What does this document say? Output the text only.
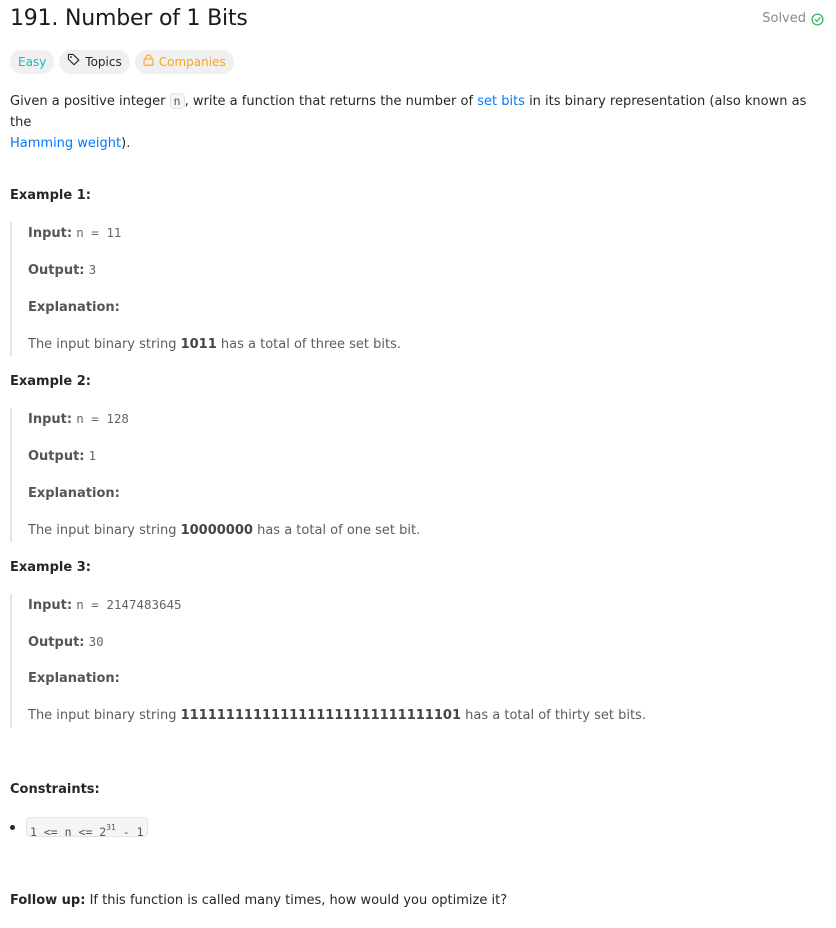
191. Number of 1 Bits	Solved
Easy	Topics	Companies

Given a positive integer n , write a function that returns the number of set bits in its binary representation (also known as the
Hamming weight).

Example 1:
Input: n = 11
Output: 3
Explanation:
The input binary string 1011 has a total of three set bits.
Example 2:
Input: n = 128
Output: 1
Explanation:
The input binary string 10000000 has a total of one set bit.
Example 3:
Input: n = 2147483645
Output: 30
Explanation:
The input binary string 1111111111111111111111111111101 has a total of thirty set bits.
Constraints:
$1 <= n <= 2^{31} - 1$
Follow up: If this function is called many times, how would you optimize it?
